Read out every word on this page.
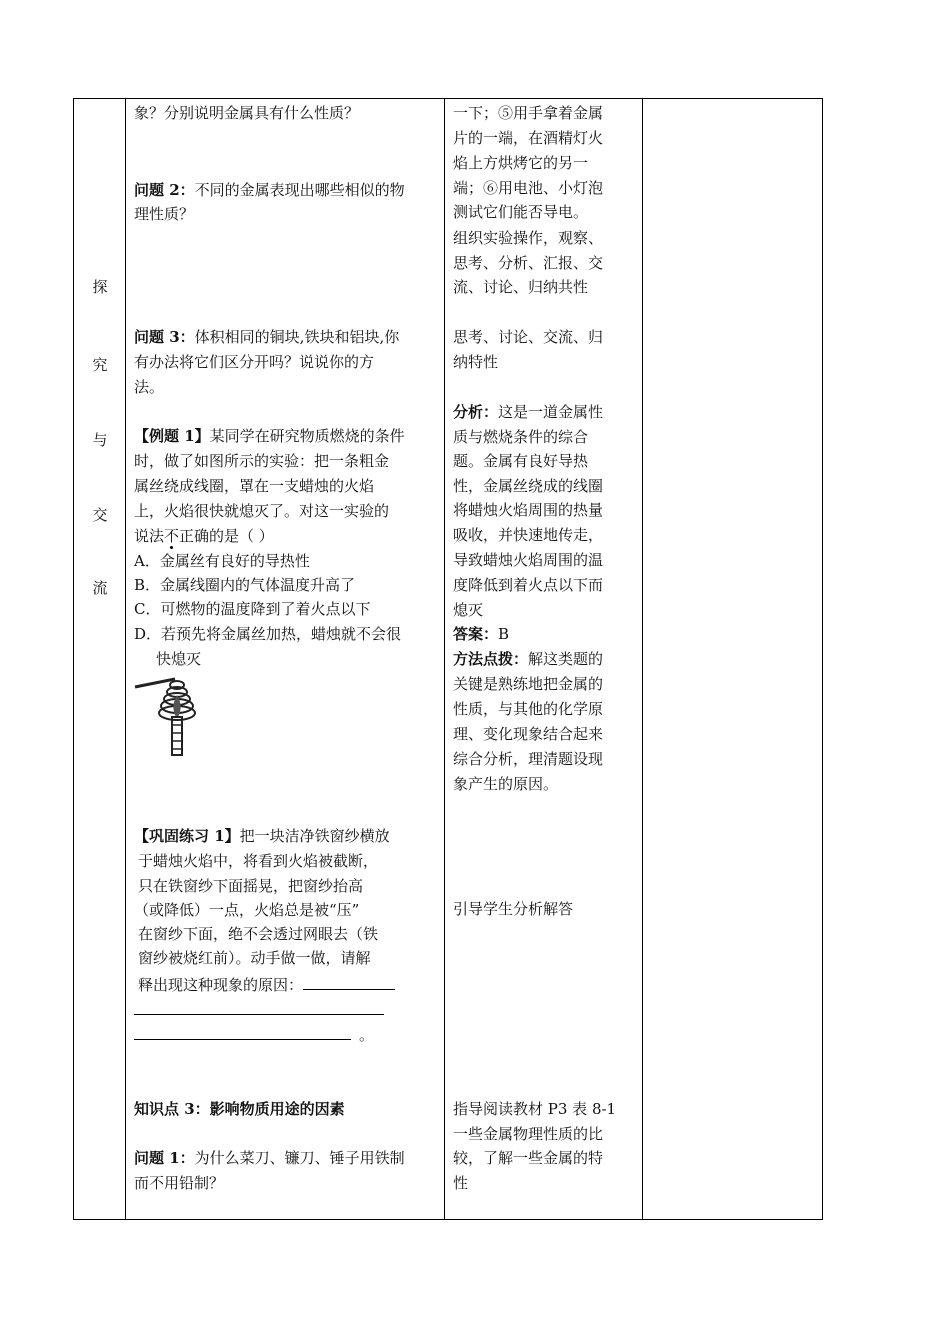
探
究
与
交
流
象？分别说明金属具有什么性质？
问题 2：不同的金属表现出哪些相似的物
理性质？
问题 3：体积相同的铜块,铁块和铝块,你
有办法将它们区分开吗？说说你的方
法。
【例题 1】某同学在研究物质燃烧的条件
时，做了如图所示的实验：把一条粗金
属丝绕成线圈，罩在一支蜡烛的火焰
上，火焰很快就熄灭了。对这一实验的
说法不正确的是（ ）
A．金属丝有良好的导热性
B．金属线圈内的气体温度升高了
C．可燃物的温度降到了着火点以下
D．若预先将金属丝加热，蜡烛就不会很
快熄灭
【巩固练习 1】把一块洁净铁窗纱横放
于蜡烛火焰中，将看到火焰被截断，
只在铁窗纱下面摇晃，把窗纱抬高
（或降低）一点，火焰总是被“压”
在窗纱下面，绝不会透过网眼去（铁
窗纱被烧红前）。动手做一做，请解
释出现这种现象的原因：
。
知识点 3：影响物质用途的因素
问题 1：为什么菜刀、镰刀、锤子用铁制
而不用铅制？
一下；⑤用手拿着金属
片的一端，在酒精灯火
焰上方烘烤它的另一
端；⑥用电池、小灯泡
测试它们能否导电。
组织实验操作，观察、
思考、分析、汇报、交
流、讨论、归纳共性
思考、讨论、交流、归
纳特性
分析：这是一道金属性
质与燃烧条件的综合
题。金属有良好导热
性，金属丝绕成的线圈
将蜡烛火焰周围的热量
吸收，并快速地传走，
导致蜡烛火焰周围的温
度降低到着火点以下而
熄灭
答案：B
方法点拨：解这类题的
关键是熟练地把金属的
性质，与其他的化学原
理、变化现象结合起来
综合分析，理清题设现
象产生的原因。
引导学生分析解答
指导阅读教材 P3 表 8-1
一些金属物理性质的比
较，了解一些金属的特
性
